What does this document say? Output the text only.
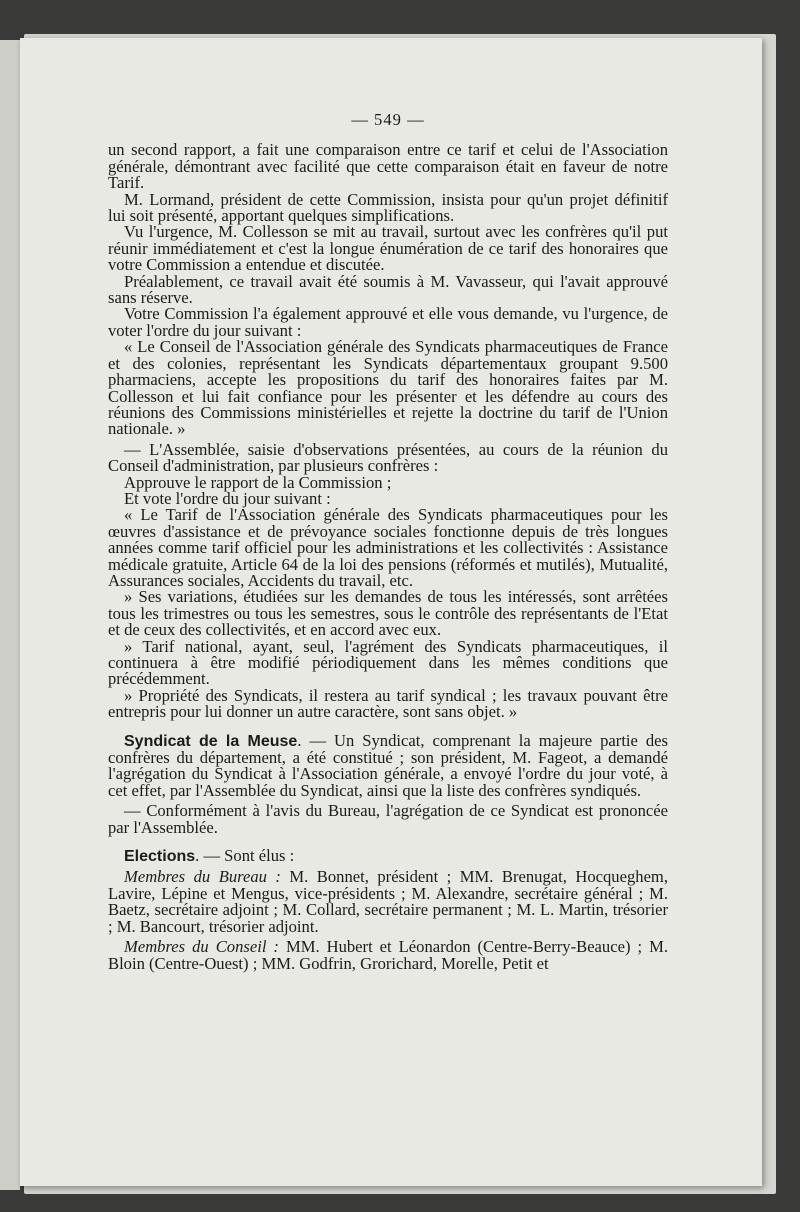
— 549 —

un second rapport, a fait une comparaison entre ce tarif et celui de l'Association générale, démontrant avec facilité que cette comparaison était en faveur de notre Tarif.

M. Lormand, président de cette Commission, insista pour qu'un projet définitif lui soit présenté, apportant quelques simplifications.

Vu l'urgence, M. Collesson se mit au travail, surtout avec les confrères qu'il put réunir immédiatement et c'est la longue énumération de ce tarif des honoraires que votre Commission a entendue et discutée.

Préalablement, ce travail avait été soumis à M. Vavasseur, qui l'avait approuvé sans réserve.

Votre Commission l'a également approuvé et elle vous demande, vu l'urgence, de voter l'ordre du jour suivant :

« Le Conseil de l'Association générale des Syndicats pharmaceutiques de France et des colonies, représentant les Syndicats départementaux groupant 9.500 pharmaciens, accepte les propositions du tarif des honoraires faites par M. Collesson et lui fait confiance pour les présenter et les défendre au cours des réunions des Commissions ministérielles et rejette la doctrine du tarif de l'Union nationale. »

— L'Assemblée, saisie d'observations présentées, au cours de la réunion du Conseil d'administration, par plusieurs confrères :

Approuve le rapport de la Commission ;

Et vote l'ordre du jour suivant :

« Le Tarif de l'Association générale des Syndicats pharmaceutiques pour les œuvres d'assistance et de prévoyance sociales fonctionne depuis de très longues années comme tarif officiel pour les administrations et les collectivités : Assistance médicale gratuite, Article 64 de la loi des pensions (réformés et mutilés), Mutualité, Assurances sociales, Accidents du travail, etc.

» Ses variations, étudiées sur les demandes de tous les intéressés, sont arrêtées tous les trimestres ou tous les semestres, sous le contrôle des représentants de l'Etat et de ceux des collectivités, et en accord avec eux.

» Tarif national, ayant, seul, l'agrément des Syndicats pharmaceutiques, il continuera à être modifié périodiquement dans les mêmes conditions que précédemment.

» Propriété des Syndicats, il restera au tarif syndical ; les travaux pouvant être entrepris pour lui donner un autre caractère, sont sans objet. »

Syndicat de la Meuse. — Un Syndicat, comprenant la majeure partie des confrères du département, a été constitué ; son président, M. Fageot, a demandé l'agrégation du Syndicat à l'Association générale, a envoyé l'ordre du jour voté, à cet effet, par l'Assemblée du Syndicat, ainsi que la liste des confrères syndiqués.

— Conformément à l'avis du Bureau, l'agrégation de ce Syndicat est prononcée par l'Assemblée.

Elections. — Sont élus :

Membres du Bureau : M. Bonnet, président ; MM. Brenugat, Hocqueghem, Lavire, Lépine et Mengus, vice-présidents ; M. Alexandre, secrétaire général ; M. Baetz, secrétaire adjoint ; M. Collard, secrétaire permanent ; M. L. Martin, trésorier ; M. Bancourt, trésorier adjoint.

Membres du Conseil : MM. Hubert et Léonardon (Centre-Berry-Beauce) ; M. Bloin (Centre-Ouest) ; MM. Godfrin, Grorichard, Morelle, Petit et
